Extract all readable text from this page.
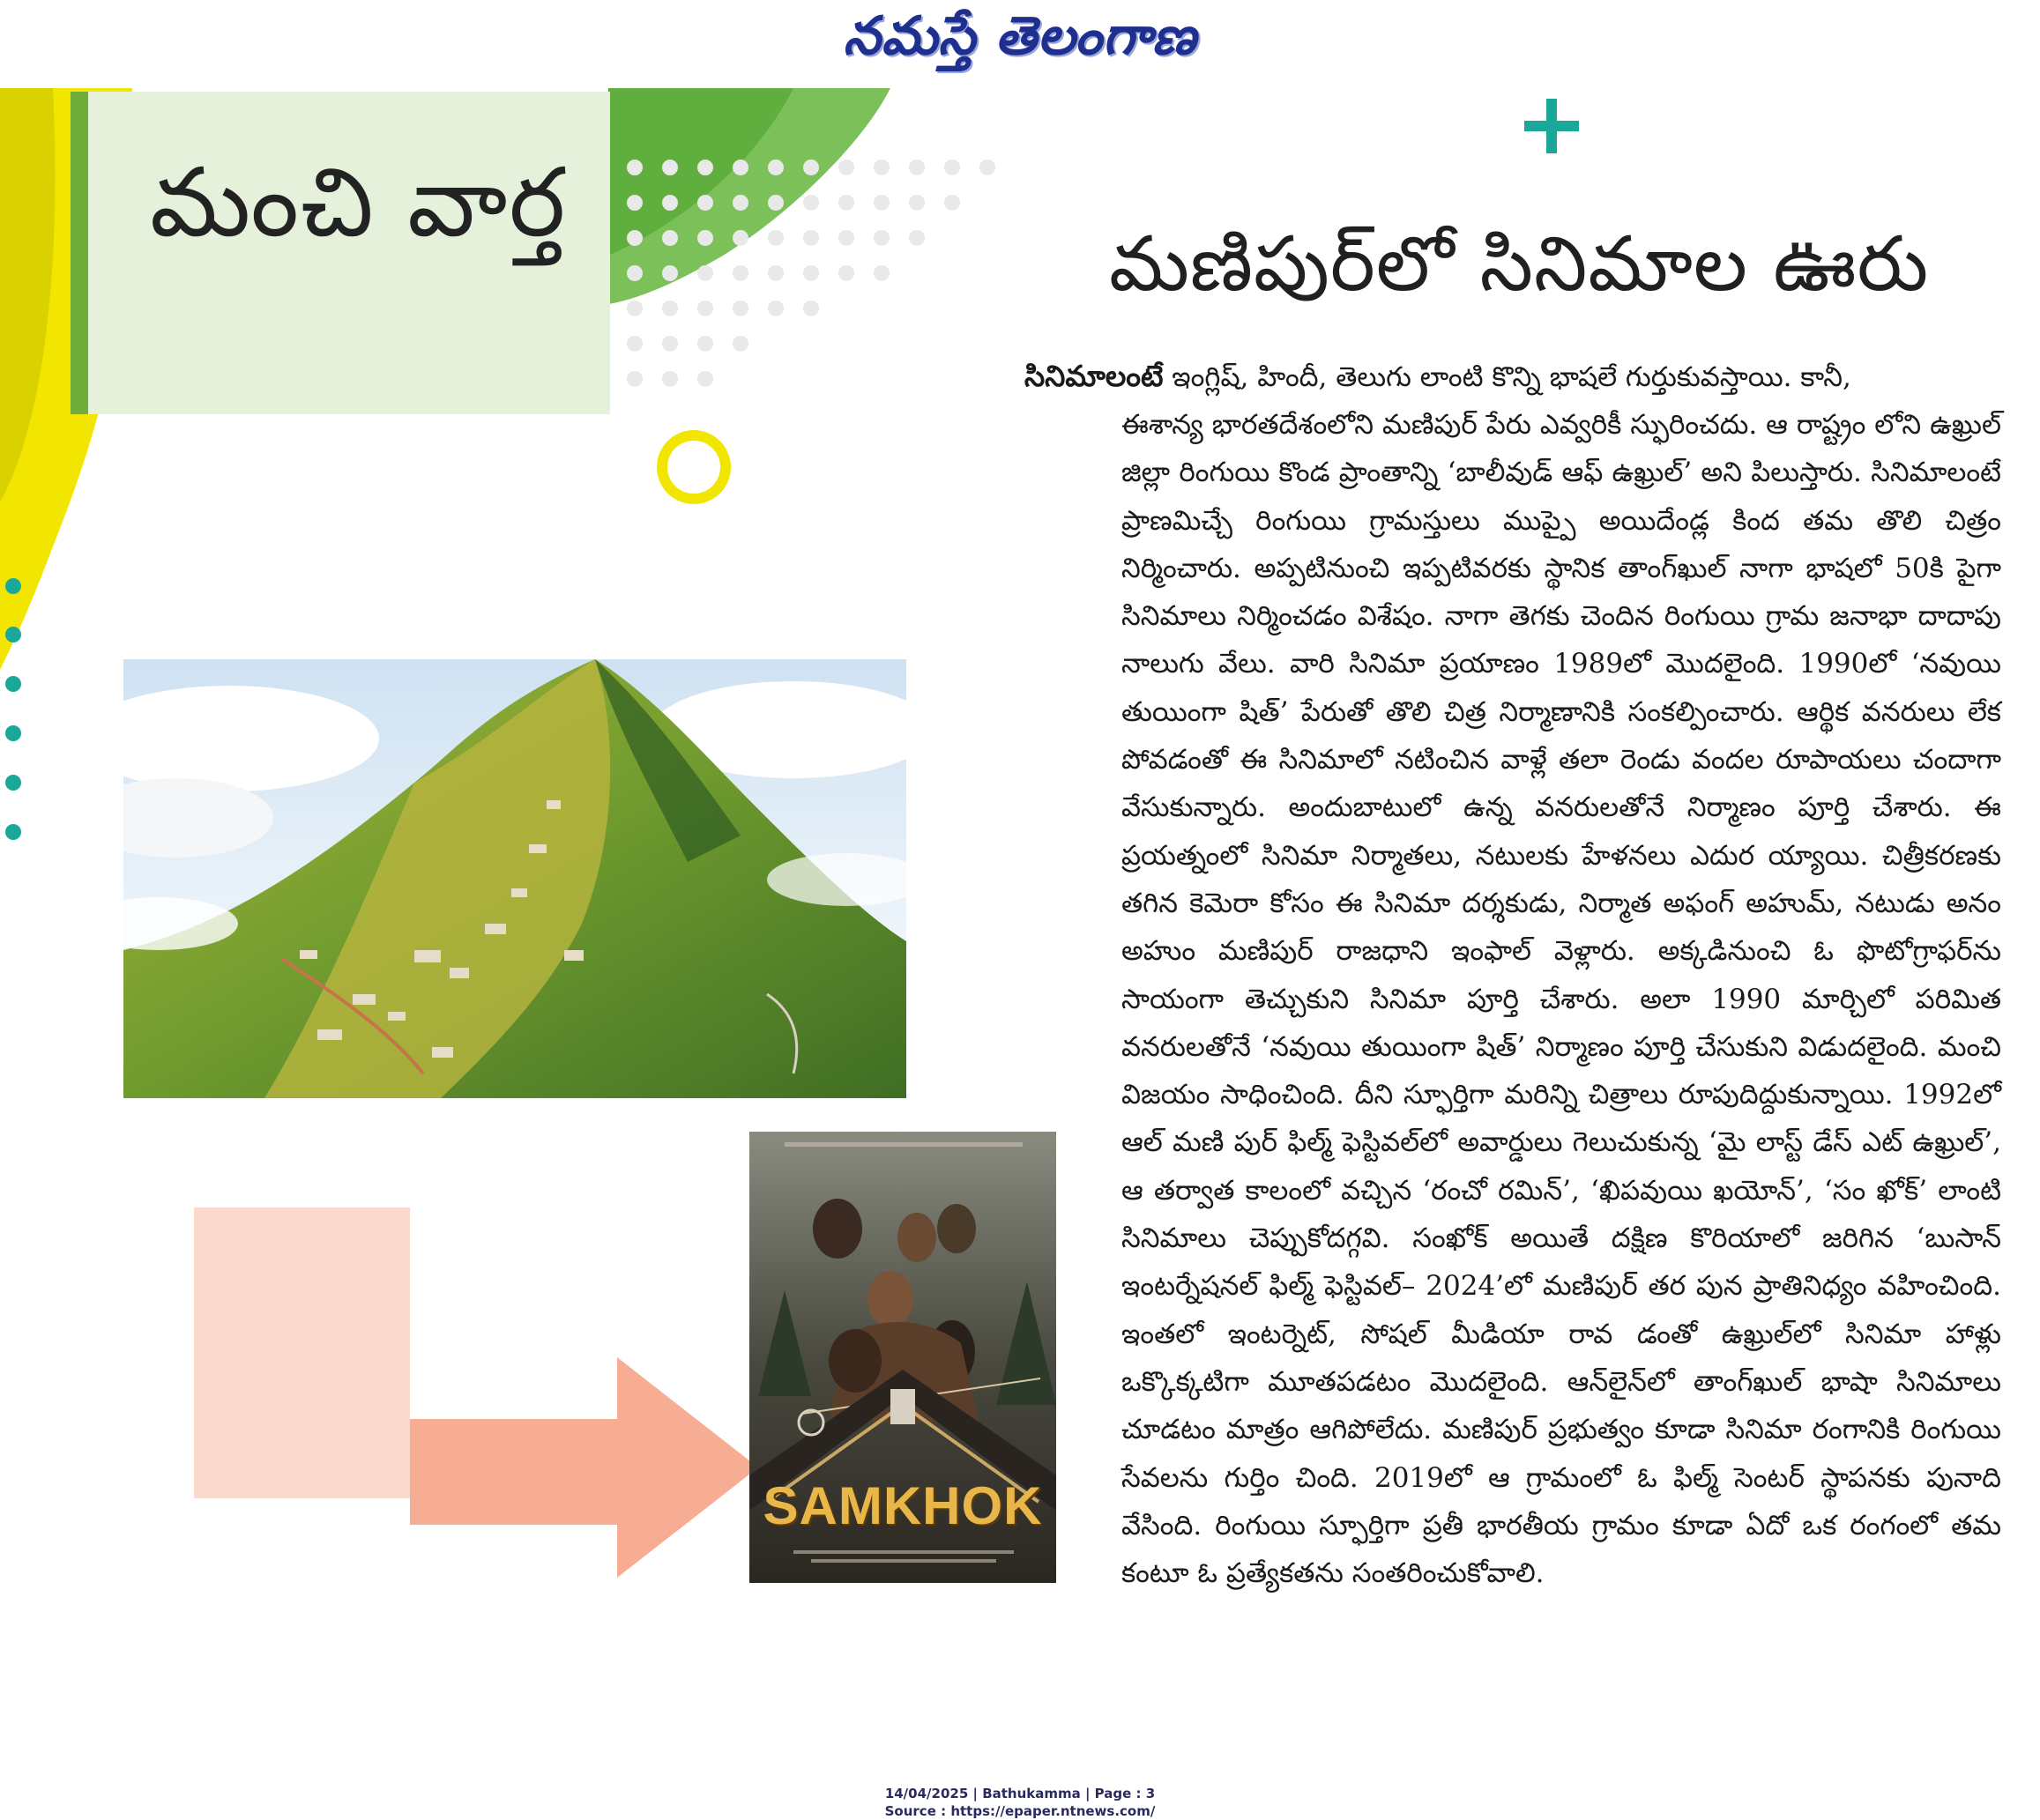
నమస్తే తెలంగాణ
మంచి వార్త
మణిపుర్‌లో సినిమాల ఊరు
సినిమాలంటే ఇంగ్లిష్, హిందీ, తెలుగు లాంటి కొన్ని భాషలే గుర్తుకువస్తాయి. కానీ,
ఈశాన్య భారతదేశంలోని మణిపుర్ పేరు ఎవ్వరికీ స్ఫురించదు. ఆ రాష్ట్రం లోని ఉఖ్రుల్ జిల్లా రింగుయి కొండ ప్రాంతాన్ని ‘బాలీవుడ్ ఆఫ్ ఉఖ్రుల్’ అని పిలుస్తారు. సినిమాలంటే ప్రాణమిచ్చే రింగుయి గ్రామస్తులు ముప్పై అయిదేండ్ల కింద తమ తొలి చిత్రం నిర్మించారు. అప్పటినుంచి ఇప్పటివరకు స్థానిక తాంగ్‌ఖుల్ నాగా భాషలో 50కి పైగా సినిమాలు నిర్మించడం విశేషం. నాగా తెగకు చెందిన రింగుయి గ్రామ జనాభా దాదాపు నాలుగు వేలు. వారి సినిమా ప్రయాణం 1989లో మొదలైంది. 1990లో ‘నవుయి తుయింగా షిత్’ పేరుతో తొలి చిత్ర నిర్మాణానికి సంకల్పించారు. ఆర్థిక వనరులు లేక పోవడంతో ఈ సినిమాలో నటించిన వాళ్లే తలా రెండు వందల రూపాయలు చందాగా వేసుకున్నారు. అందుబాటులో ఉన్న వనరులతోనే నిర్మాణం పూర్తి చేశారు. ఈ ప్రయత్నంలో సినిమా నిర్మాతలు, నటులకు హేళనలు ఎదుర య్యాయి. చిత్రీకరణకు తగిన కెమెరా కోసం ఈ సినిమా దర్శకుడు, నిర్మాత అఫంగ్ అహుమ్, నటుడు అనం అహుం మణిపుర్ రాజధాని ఇంఫాల్ వెళ్లారు. అక్కడినుంచి ఓ ఫొటోగ్రాఫర్‌ను సాయంగా తెచ్చుకుని సినిమా పూర్తి చేశారు. అలా 1990 మార్చిలో పరిమిత వనరులతోనే ‘నవుయి తుయింగా షిత్’ నిర్మాణం పూర్తి చేసుకుని విడుదలైంది. మంచి విజయం సాధించింది. దీని స్ఫూర్తిగా మరిన్ని చిత్రాలు రూపుదిద్దుకున్నాయి. 1992లో ఆల్ మణి పుర్ ఫిల్మ్ ఫెస్టివల్‌లో అవార్డులు గెలుచుకున్న ‘మై లాస్ట్ డేస్ ఎట్ ఉఖ్రుల్’, ఆ తర్వాత కాలంలో వచ్చిన ‘రంచో రమిన్’, ‘ఖిపవుయి ఖయోన్’, ‘సం ఖోక్’ లాంటి సినిమాలు చెప్పుకోదగ్గవి. సంఖోక్ అయితే దక్షిణ కొరియాలో జరిగిన ‘బుసాన్ ఇంటర్నేషనల్ ఫిల్మ్ ఫెస్టివల్– 2024’లో మణిపుర్ తర పున ప్రాతినిధ్యం వహించింది. ఇంతలో ఇంటర్నెట్, సోషల్ మీడియా రావ డంతో ఉఖ్రుల్‌లో సినిమా హాళ్లు ఒక్కొక్కటిగా మూతపడటం మొదలైంది. ఆన్‌లైన్‌లో తాంగ్‌ఖుల్ భాషా సినిమాలు చూడటం మాత్రం ఆగిపోలేదు. మణిపుర్ ప్రభుత్వం కూడా సినిమా రంగానికి రింగుయి సేవలను గుర్తిం చింది. 2019లో ఆ గ్రామంలో ఓ ఫిల్మ్ సెంటర్ స్థాపనకు పునాది వేసింది. రింగుయి స్ఫూర్తిగా ప్రతీ భారతీయ గ్రామం కూడా ఏదో ఒక రంగంలో తమ కంటూ ఓ ప్రత్యేకతను సంతరించుకోవాలి.
SAMKHOK
14/04/2025 | Bathukamma | Page : 3
Source : https://epaper.ntnews.com/
